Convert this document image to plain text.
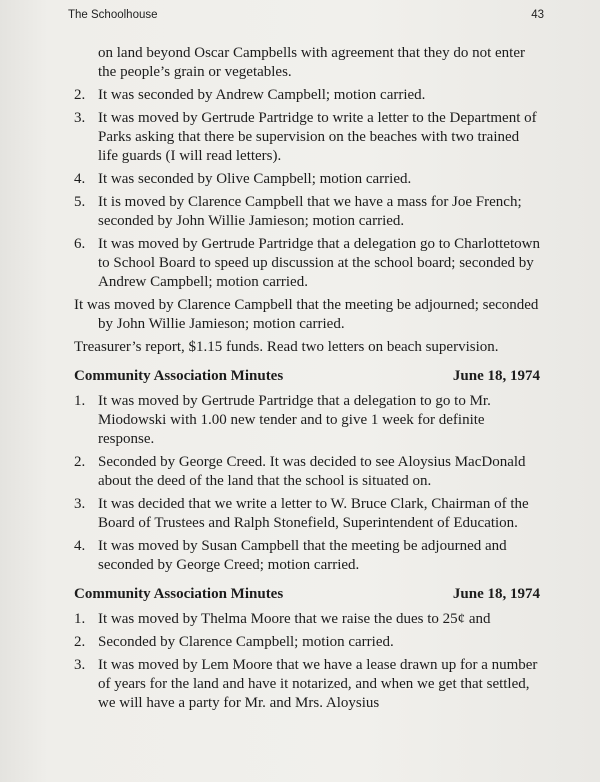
The Schoolhouse	43
on land beyond Oscar Campbells with agreement that they do not enter the people’s grain or vegetables.
2. It was seconded by Andrew Campbell; motion carried.
3. It was moved by Gertrude Partridge to write a letter to the Department of Parks asking that there be supervision on the beaches with two trained life guards (I will read letters).
4. It was seconded by Olive Campbell; motion carried.
5. It is moved by Clarence Campbell that we have a mass for Joe French; seconded by John Willie Jamieson; motion carried.
6. It was moved by Gertrude Partridge that a delegation go to Charlottetown to School Board to speed up discussion at the school board; seconded by Andrew Campbell; motion carried.
It was moved by Clarence Campbell that the meeting be adjourned; seconded by John Willie Jamieson; motion carried.
Treasurer’s report, $1.15 funds. Read two letters on beach supervision.
Community Association Minutes	June 18, 1974
1. It was moved by Gertrude Partridge that a delegation to go to Mr. Miodowski with 1.00 new tender and to give 1 week for definite response.
2. Seconded by George Creed. It was decided to see Aloysius MacDonald about the deed of the land that the school is situated on.
3. It was decided that we write a letter to W. Bruce Clark, Chairman of the Board of Trustees and Ralph Stonefield, Superintendent of Education.
4. It was moved by Susan Campbell that the meeting be adjourned and seconded by George Creed; motion carried.
Community Association Minutes	June 18, 1974
1. It was moved by Thelma Moore that we raise the dues to 25¢ and
2. Seconded by Clarence Campbell; motion carried.
3. It was moved by Lem Moore that we have a lease drawn up for a number of years for the land and have it notarized, and when we get that settled, we will have a party for Mr. and Mrs. Aloysius
